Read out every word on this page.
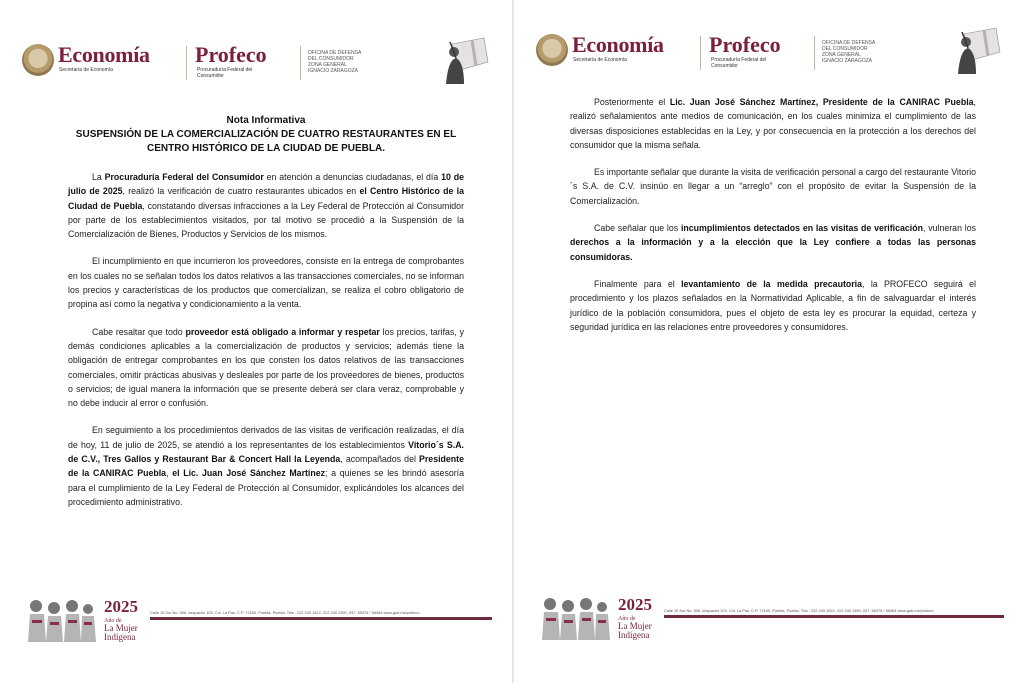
Economía
Secretaría de Economía
Profeco
Procuraduría Federal del Consumidor
OFICINA DE DEFENSA
DEL CONSUMIDOR
ZONA GENERAL
IGNACIO ZARAGOZA
Nota Informativa
SUSPENSIÓN DE LA COMERCIALIZACIÓN DE CUATRO RESTAURANTES EN EL
CENTRO HISTÓRICO DE LA CIUDAD DE PUEBLA.

La Procuraduría Federal del Consumidor en atención a denuncias ciudadanas, el día 10 de julio de 2025, realizó la verificación de cuatro restaurantes ubicados en el Centro Histórico de la Ciudad de Puebla, constatando diversas infracciones a la Ley Federal de Protección al Consumidor por parte de los establecimientos visitados, por tal motivo se procedió a la Suspensión de la Comercialización de Bienes, Productos y Servicios de los mismos.

El incumplimiento en que incurrieron los proveedores, consiste en la entrega de comprobantes en los cuales no se señalan todos los datos relativos a las transacciones comerciales, no se informan los precios y características de los productos que comercializan, se realiza el cobro obligatorio de propina así como la negativa y condicionamiento a la venta.

Cabe resaltar que todo proveedor está obligado a informar y respetar los precios, tarifas, y demás condiciones aplicables a la comercialización de productos y servicios; además tiene la obligación de entregar comprobantes en los que consten los datos relativos de las transacciones comerciales, omitir prácticas abusivas y desleales por parte de los proveedores de bienes, productos o servicios; de igual manera la información que se presente deberá ser clara veraz, comprobable y no debe inducir al error o confusión.

En seguimiento a los procedimientos derivados de las visitas de verificación realizadas, el día de hoy, 11 de julio de 2025, se atendió a los representantes de los establecimientos Vitorio´s S.A. de C.V., Tres Gallos y Restaurant Bar & Concert Hall la Leyenda, acompañados del Presidente de la CANIRAC Puebla, el Lic. Juan José Sánchez Martínez; a quienes se les brindó asesoría para el cumplimiento de la Ley Federal de Protección al Consumidor, explicándoles los alcances del procedimiento administrativo.

2025
Año de
La Mujer
Indígena
Calle 19 Sur No. 506, despacho 103, Col. La Paz, C.P. 72160, Puebla, Puebla. Tels.: 222 240 1522, 222 240 1390, 037, 58375 / 58384 www.gob.mx/profeco
Economía
Secretaría de Economía
Profeco
Procuraduría Federal del Consumidor
OFICINA DE DEFENSA
DEL CONSUMIDOR
ZONA GENERAL
IGNACIO ZARAGOZA

Posteriormente el Lic. Juan José Sánchez Martínez, Presidente de la CANIRAC Puebla, realizó señalamientos ante medios de comunicación, en los cuales minimiza el cumplimiento de las diversas disposiciones establecidas en la Ley, y por consecuencia en la protección a los derechos del consumidor que la misma señala.

Es importante señalar que durante la visita de verificación personal a cargo del restaurante Vitorio´s S.A. de C.V. insinúo en llegar a un “arreglo” con el propósito de evitar la Suspensión de la Comercialización.

Cabe señalar que los incumplimientos detectados en las visitas de verificación, vulneran los derechos a la información y a la elección que la Ley confiere a todas las personas consumidoras.

Finalmente para el levantamiento de la medida precautoria, la PROFECO seguirá el procedimiento y los plazos señalados en la Normatividad Aplicable, a fin de salvaguardar el interés jurídico de la población consumidora, pues el objeto de esta ley es procurar la equidad, certeza y seguridad jurídica en las relaciones entre proveedores y consumidores.

2025
Año de
La Mujer
Indígena
Calle 19 Sur No. 506, despacho 103, Col. La Paz, C.P. 72160, Puebla, Puebla. Tels.: 222 240 1522, 222 240 1390, 037, 58375 / 58384 www.gob.mx/profeco
